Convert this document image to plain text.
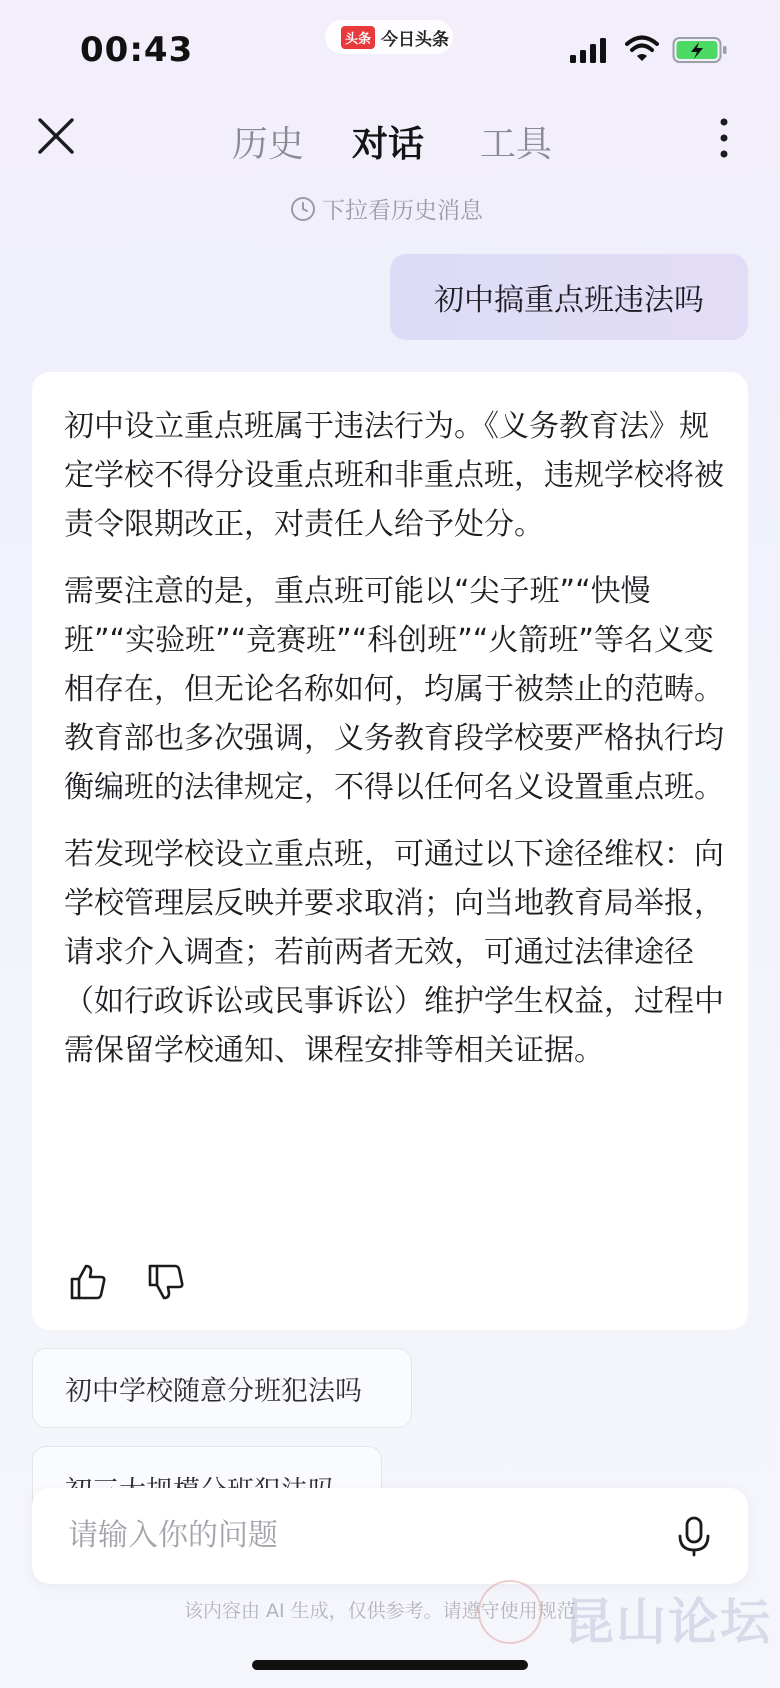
00:43	头条 今日头条
历史 对话 工具
下拉看历史消息
初中搞重点班违法吗

初中设立重点班属于违法行为。《义务教育法》规定学校不得分设重点班和非重点班，违规学校将被责令限期改正，对责任人给予处分。

需要注意的是，重点班可能以“尖子班”“快慢班”“实验班”“竞赛班”“科创班”“火箭班”等名义变相存在，但无论名称如何，均属于被禁止的范畴。教育部也多次强调，义务教育段学校要严格执行均衡编班的法律规定，不得以任何名义设置重点班。

若发现学校设立重点班，可通过以下途径维权：向学校管理层反映并要求取消；向当地教育局举报，请求介入调查；若前两者无效，可通过法律途径（如行政诉讼或民事诉讼）维护学生权益，过程中需保留学校通知、课程安排等相关证据。

初中学校随意分班犯法吗
请输入你的问题
该内容由 AI 生成，仅供参考。请遵守使用规范
昆山论坛
